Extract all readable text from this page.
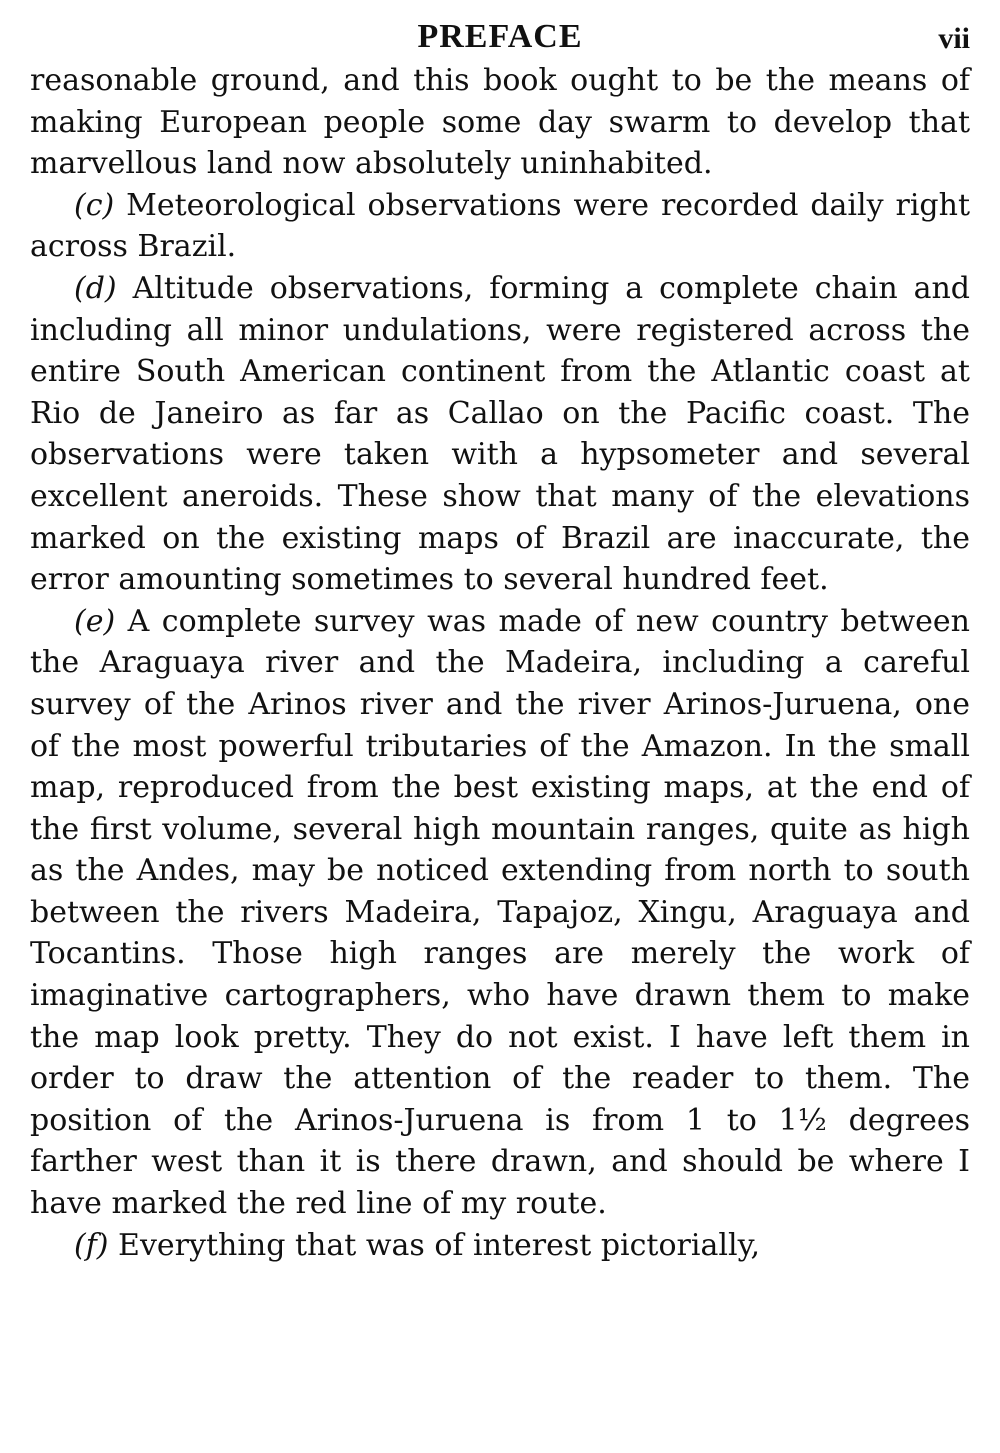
PREFACE	vii

reasonable ground, and this book ought to be the means of making European people some day swarm to develop that marvellous land now absolutely uninhabited.

(c) Meteorological observations were recorded daily right across Brazil.

(d) Altitude observations, forming a complete chain and including all minor undulations, were registered across the entire South American continent from the Atlantic coast at Rio de Janeiro as far as Callao on the Pacific coast. The observations were taken with a hypsometer and several excellent aneroids. These show that many of the elevations marked on the existing maps of Brazil are inaccurate, the error amounting sometimes to several hundred feet.

(e) A complete survey was made of new country between the Araguaya river and the Madeira, including a careful survey of the Arinos river and the river Arinos-Juruena, one of the most powerful tributaries of the Amazon. In the small map, reproduced from the best existing maps, at the end of the first volume, several high mountain ranges, quite as high as the Andes, may be noticed extending from north to south between the rivers Madeira, Tapajoz, Xingu, Araguaya and Tocantins. Those high ranges are merely the work of imaginative cartographers, who have drawn them to make the map look pretty. They do not exist. I have left them in order to draw the attention of the reader to them. The position of the Arinos-Juruena is from 1 to 1½ degrees farther west than it is there drawn, and should be where I have marked the red line of my route.

(f) Everything that was of interest pictorially,
